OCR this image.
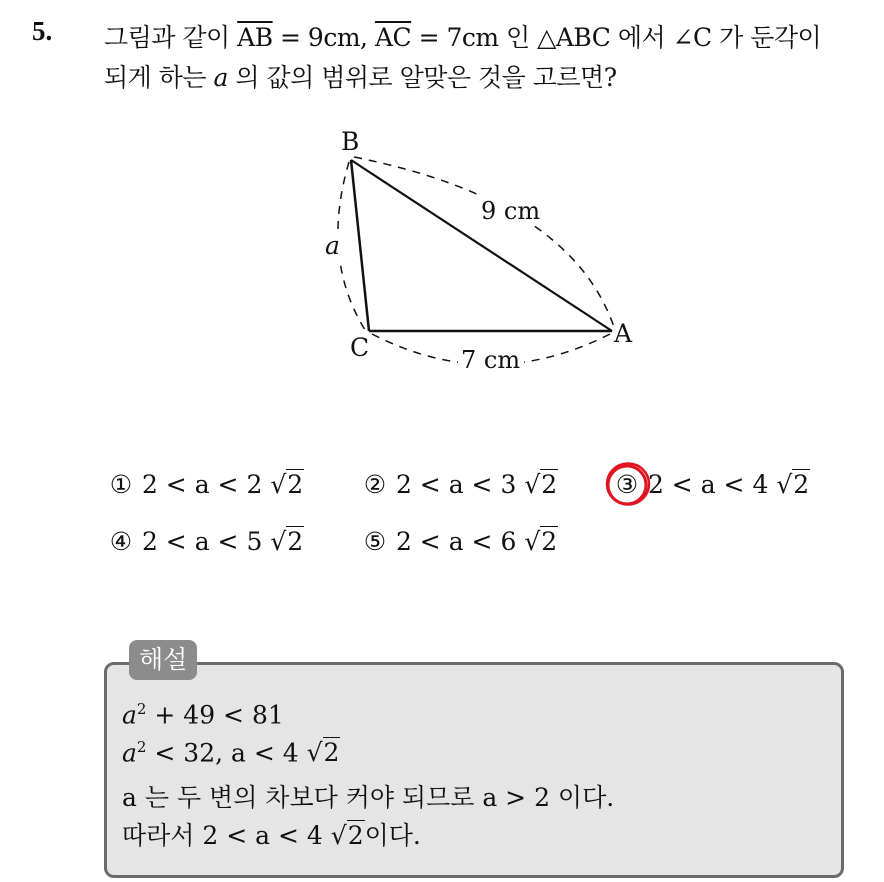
5. 그림과 같이 $\overline{AB} = 9cm$, $\overline{AC} = 7cm$ 인 △ABC 에서 ∠C 가 둔각이
되게 하는 a 의 값의 범위로 알맞은 것을 고르면?
B
C	A
a
9 cm
7 cm
① 2 < a < 2 √2 ② 2 < a < 3 √2 ③ 2 < a < 4 √2
④ 2 < a < 5 √2 ⑤ 2 < a < 6 √2
해설
$a^2 + 49 < 81$
$a^2 < 32$, a < 4 √2
a 는 두 변의 차보다 커야 되므로 a > 2 이다.
따라서 2 < a < 4 √2이다.
